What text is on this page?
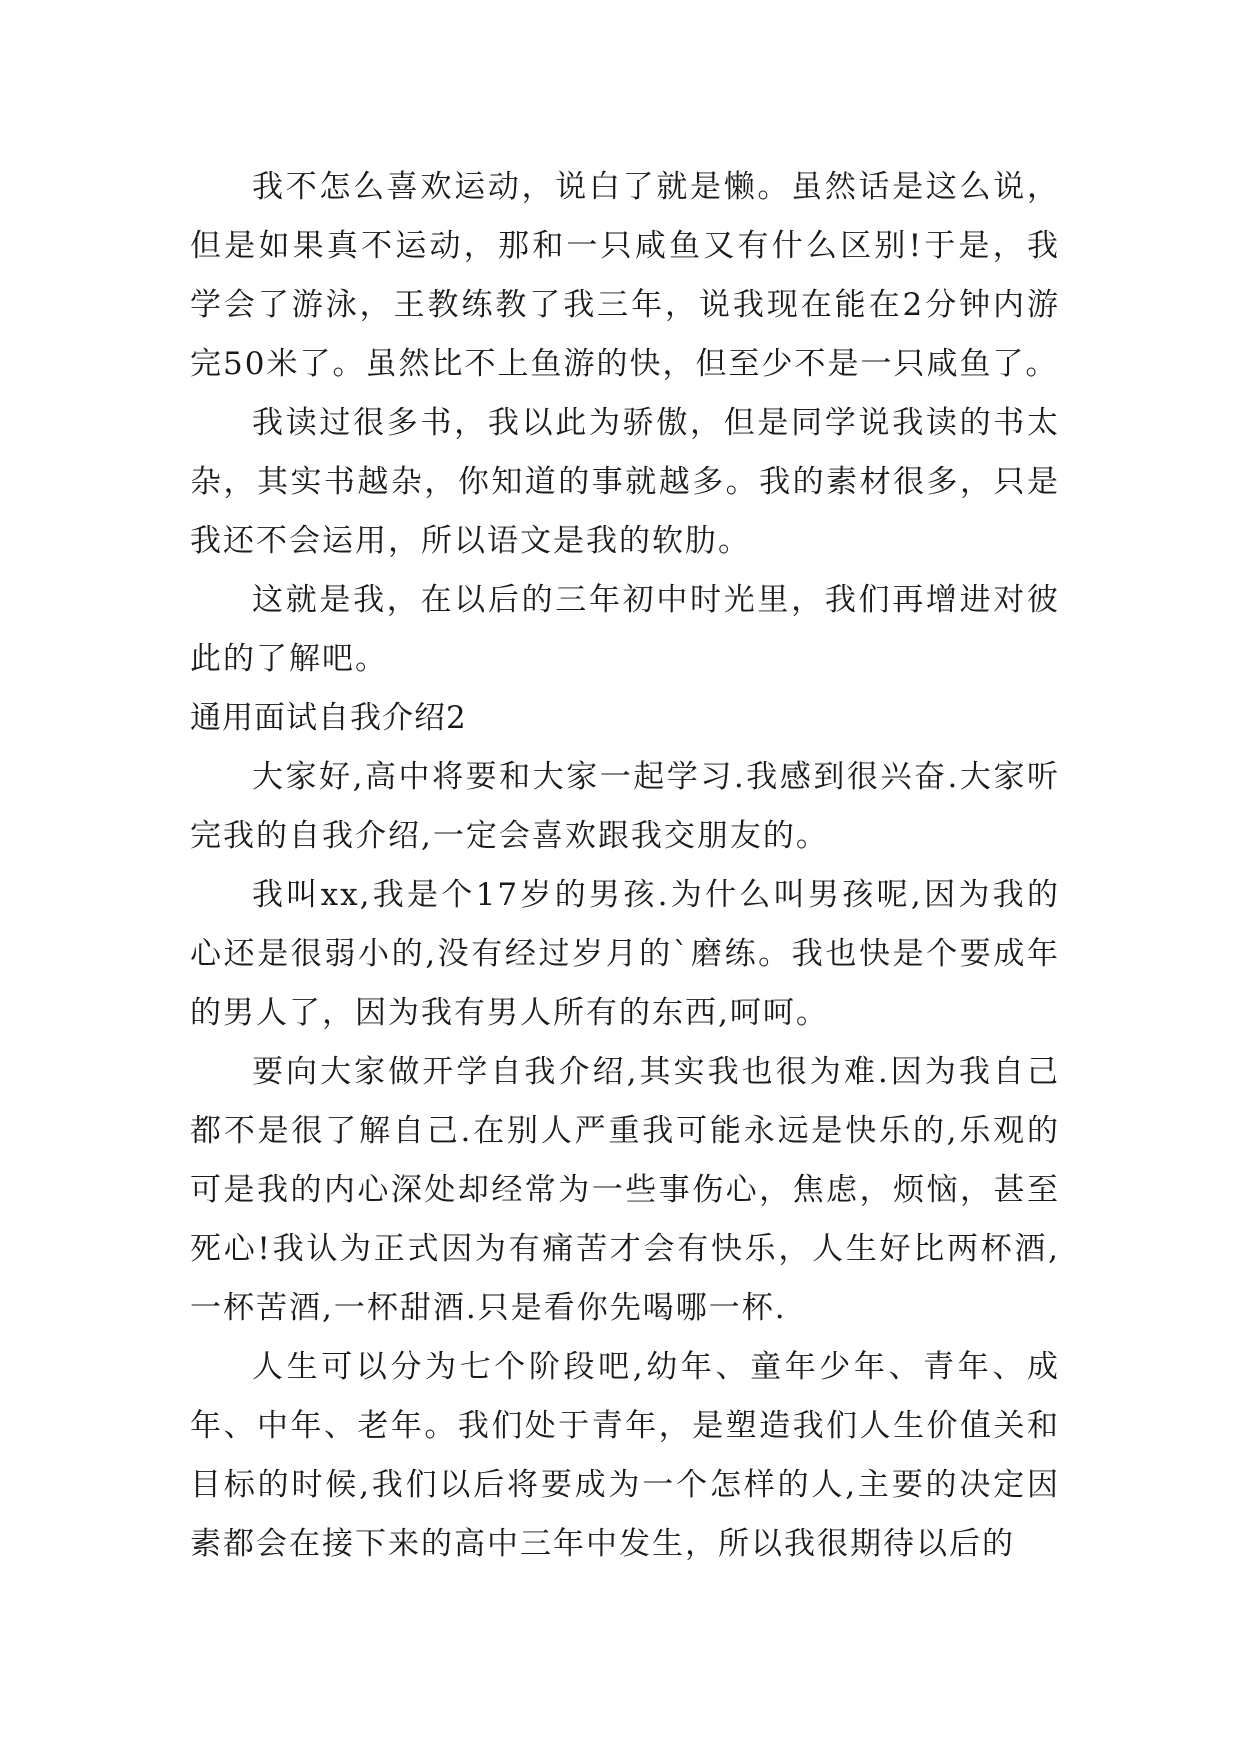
我不怎么喜欢运动，说白了就是懒。虽然话是这么说，但是如果真不运动，那和一只咸鱼又有什么区别!于是，我学会了游泳，王教练教了我三年，说我现在能在2分钟内游完50米了。虽然比不上鱼游的快，但至少不是一只咸鱼了。

我读过很多书，我以此为骄傲，但是同学说我读的书太杂，其实书越杂，你知道的事就越多。我的素材很多，只是我还不会运用，所以语文是我的软肋。

这就是我，在以后的三年初中时光里，我们再增进对彼此的了解吧。

通用面试自我介绍2

大家好,高中将要和大家一起学习.我感到很兴奋.大家听完我的自我介绍,一定会喜欢跟我交朋友的。

我叫xx,我是个17岁的男孩.为什么叫男孩呢,因为我的心还是很弱小的,没有经过岁月的`磨练。我也快是个要成年的男人了，因为我有男人所有的东西,呵呵。

要向大家做开学自我介绍,其实我也很为难.因为我自己都不是很了解自己.在别人严重我可能永远是快乐的,乐观的可是我的内心深处却经常为一些事伤心，焦虑，烦恼，甚至死心!我认为正式因为有痛苦才会有快乐，人生好比两杯酒,一杯苦酒,一杯甜酒.只是看你先喝哪一杯.

人生可以分为七个阶段吧,幼年、童年少年、青年、成年、中年、老年。我们处于青年，是塑造我们人生价值关和目标的时候,我们以后将要成为一个怎样的人,主要的决定因素都会在接下来的高中三年中发生，所以我很期待以后的
